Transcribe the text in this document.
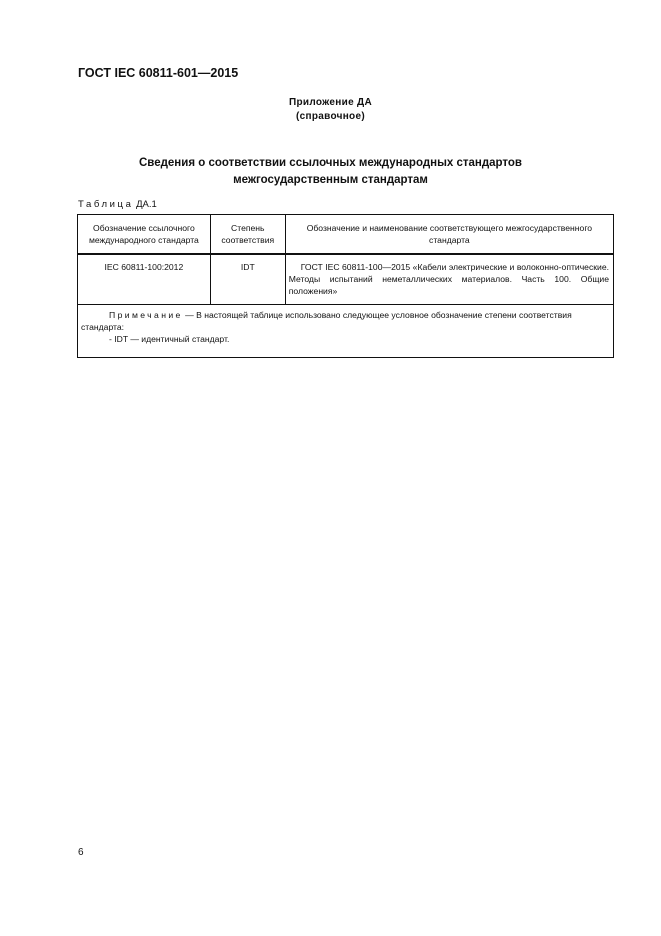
ГОСТ IEC 60811-601—2015
Приложение ДА
(справочное)
Сведения о соответствии ссылочных международных стандартов
межгосударственным стандартам
Таблица ДА.1
Обозначение ссылочного международного стандарта	Степень соответствия	Обозначение и наименование соответствующего межгосударственного стандарта
IEC 60811-100:2012	IDT	ГОСТ IEC 60811-100—2015 «Кабели электрические и волоконно-оптические. Методы испытаний неметаллических материалов. Часть 100. Общие положения»

Примечание — В настоящей таблице использовано следующее условное обозначение степени соответствия стандарта:
- IDT — идентичный стандарт.		
6
